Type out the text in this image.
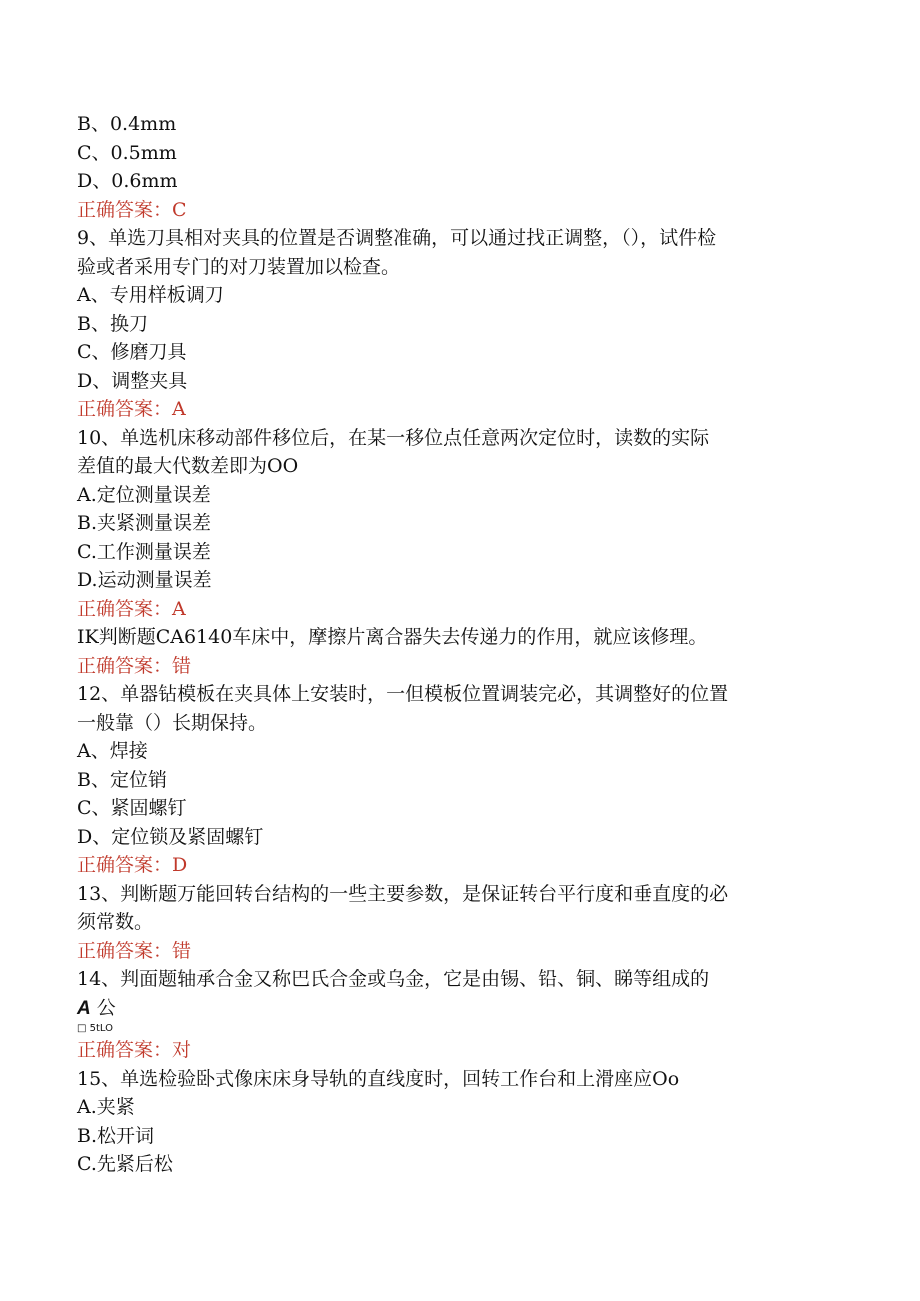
B、0.4mm
C、0.5mm
D、0.6mm
正确答案：C
9、单选刀具相对夹具的位置是否调整准确，可以通过找正调整，（），试件检
验或者采用专门的对刀装置加以检查。
A、专用样板调刀
B、换刀
C、修磨刀具
D、调整夹具
正确答案：A
10、单选机床移动部件移位后，在某一移位点任意两次定位时，读数的实际
差值的最大代数差即为OO
A.定位测量误差
B.夹紧测量误差
C.工作测量误差
D.运动测量误差
正确答案：A
IK判断题CA6140车床中，摩擦片离合器失去传递力的作用，就应该修理。
正确答案：错
12、单器钻模板在夹具体上安装时，一但模板位置调装完必，其调整好的位置
一般靠（）长期保持。
A、焊接
B、定位销
C、紧固螺钉
D、定位锁及紧固螺钉
正确答案：D
13、判断题万能回转台结构的一些主要参数，是保证转台平行度和垂直度的必
须常数。
正确答案：错
14、判面题轴承合金又称巴氏合金或乌金，它是由锡、铅、铜、睇等组成的
A 公
□ 5tLO
正确答案：对
15、单选检验卧式像床床身导轨的直线度时，回转工作台和上滑座应Oo
A.夹紧
B.松开词
C.先紧后松
